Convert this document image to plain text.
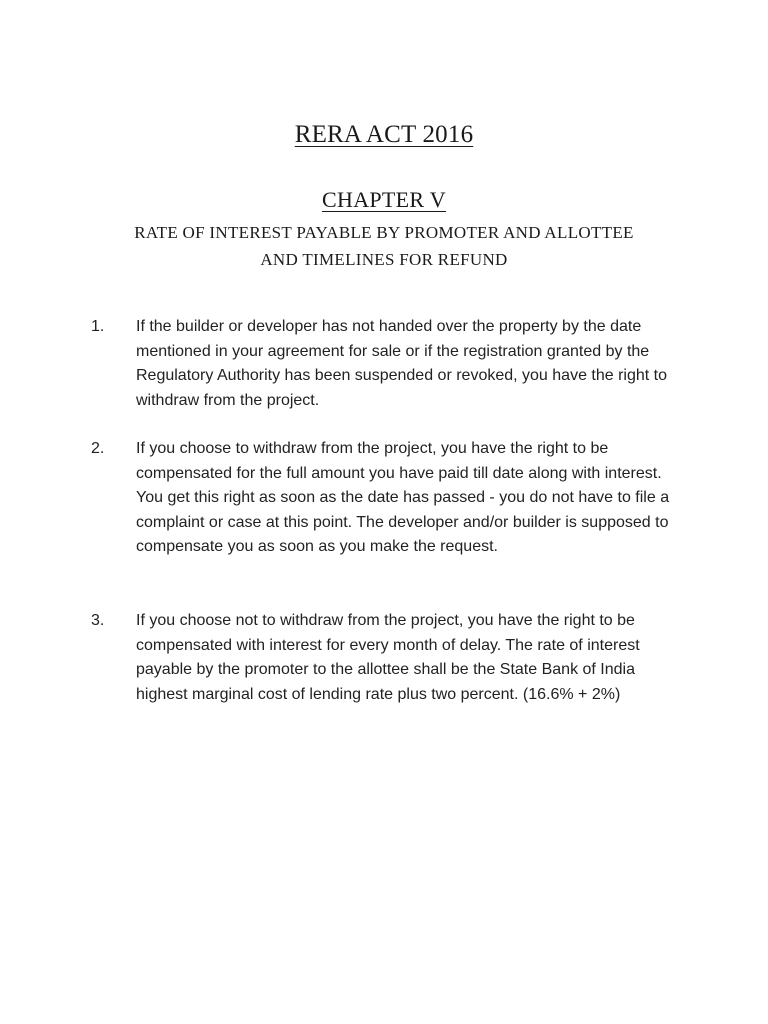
RERA ACT 2016
CHAPTER V
RATE OF INTEREST PAYABLE BY PROMOTER AND ALLOTTEE
AND TIMELINES FOR REFUND
1.	If the builder or developer has not handed over the property by the date mentioned in your agreement for sale or if the registration granted by the Regulatory Authority has been suspended or revoked, you have the right to withdraw from the project.
2.	If you choose to withdraw from the project, you have the right to be compensated for the full amount you have paid till date along with interest. You get this right as soon as the date has passed - you do not have to file a complaint or case at this point. The developer and/or builder is supposed to compensate you as soon as you make the request.
3.	If you choose not to withdraw from the project, you have the right to be compensated with interest for every month of delay. The rate of interest payable by the promoter to the allottee shall be the State Bank of India highest marginal cost of lending rate plus two percent. (16.6% + 2%)
